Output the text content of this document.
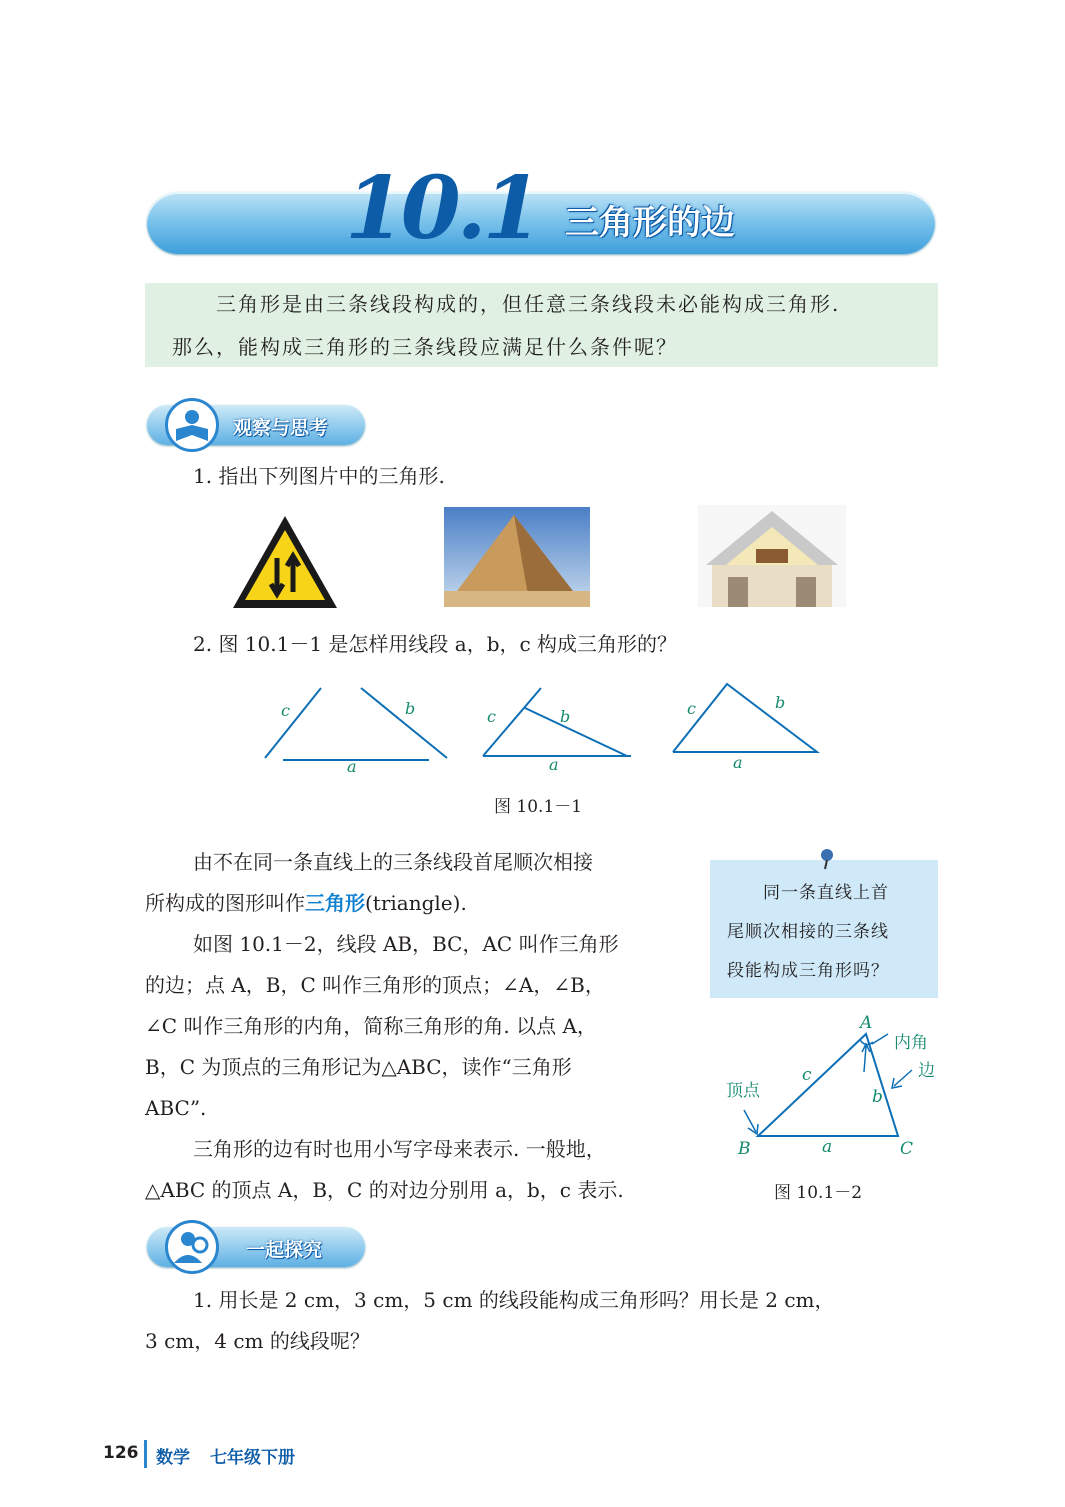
10.1 三角形的边
三角形是由三条线段构成的，但任意三条线段未必能构成三角形.
那么，能构成三角形的三条线段应满足什么条件呢？
观察与思考
1. 指出下列图片中的三角形.
2. 图 10.1－1 是怎样用线段 a，b，c 构成三角形的？
c	b
a
c	b
a
c	b
a
图 10.1－1
由不在同一条直线上的三条线段首尾顺次相接
所构成的图形叫作三角形(triangle).
如图 10.1－2，线段 AB，BC，AC 叫作三角形
的边；点 A，B，C 叫作三角形的顶点；∠A，∠B，
∠C 叫作三角形的内角，简称三角形的角. 以点 A，
B，C 为顶点的三角形记为△ABC，读作“三角形
ABC”.
三角形的边有时也用小写字母来表示. 一般地，
△ABC 的顶点 A，B，C 的对边分别用 a，b，c 表示.
同一条直线上首
尾顺次相接的三条线
段能构成三角形吗？
A
B	C
a
b
c
内角
边
顶点
图 10.1－2
一起探究
1. 用长是 2 cm，3 cm，5 cm 的线段能构成三角形吗？用长是 2 cm，
3 cm，4 cm 的线段呢？
126 数学 七年级下册
